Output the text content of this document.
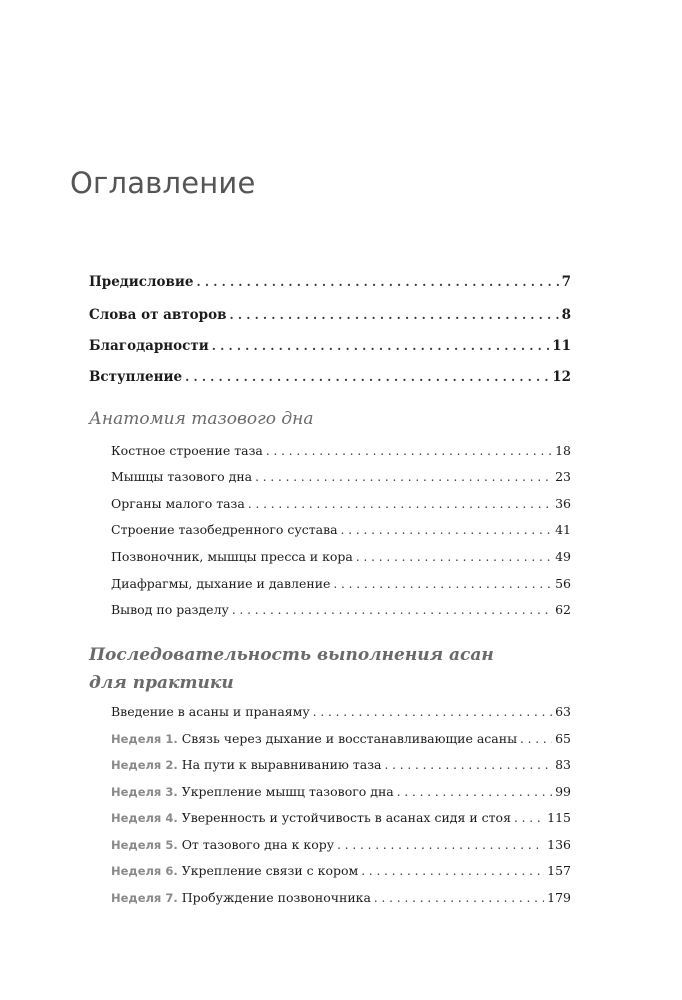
Оглавление
Предисловие . . .	7
Слова от авторов . . .	8
Благодарности . . .	11
Вступление . . .	12
Анатомия тазового дна
Костное строение таза . . .	18
Мышцы тазового дна . . .	23
Органы малого таза . . .	36
Строение тазобедренного сустава . . .	41
Позвоночник, мышцы пресса и кора . . .	49
Диафрагмы, дыхание и давление . . .	56
Вывод по разделу . . .	62
Последовательность выполнения асан
для практики
Введение в асаны и пранаяму . . .	63
Неделя 1. Связь через дыхание и восстанавливающие асаны . . .	65
Неделя 2. На пути к выравниванию таза . . .	83
Неделя 3. Укрепление мышц тазового дна . . .	99
Неделя 4. Уверенность и устойчивость в асанах сидя и стоя . . .	115
Неделя 5. От тазового дна к кору . . .	136
Неделя 6. Укрепление связи с кором . . .	157
Неделя 7. Пробуждение позвоночника . . .	179
